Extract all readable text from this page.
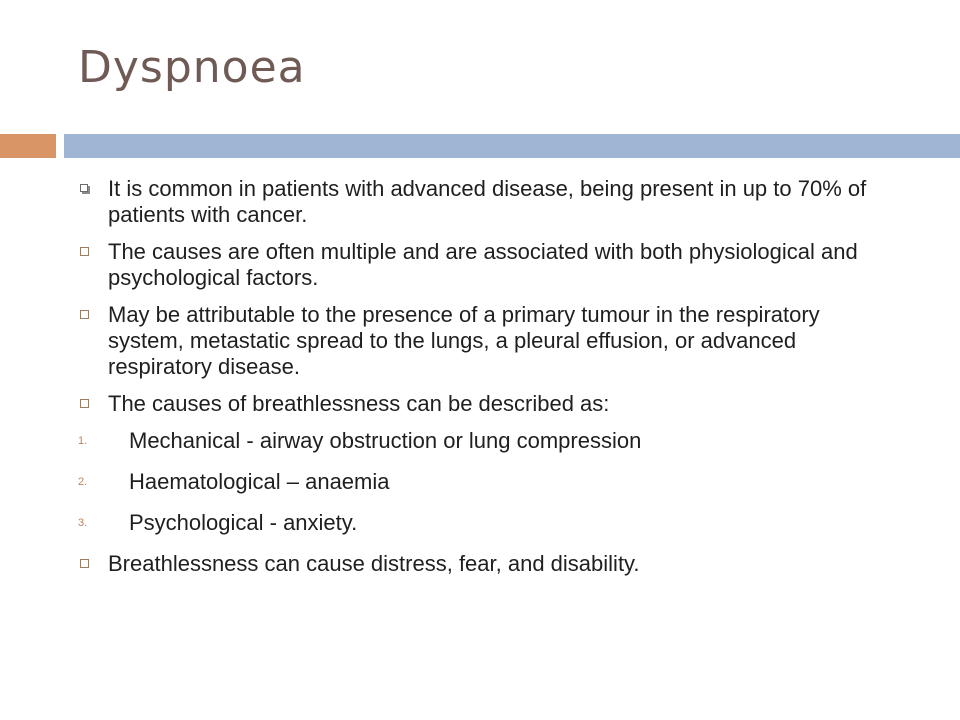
Dyspnoea
It is common in patients with advanced disease, being present in up to 70% of patients with cancer.
The causes are often multiple and are associated with both physiological and psychological factors.
May be attributable to the presence of a primary tumour in the respiratory system, metastatic spread to the lungs, a pleural effusion, or advanced respiratory disease.
The causes of breathlessness can be described as:
1. Mechanical - airway obstruction or lung compression
2. Haematological – anaemia
3. Psychological - anxiety.
Breathlessness can cause distress, fear, and disability.
